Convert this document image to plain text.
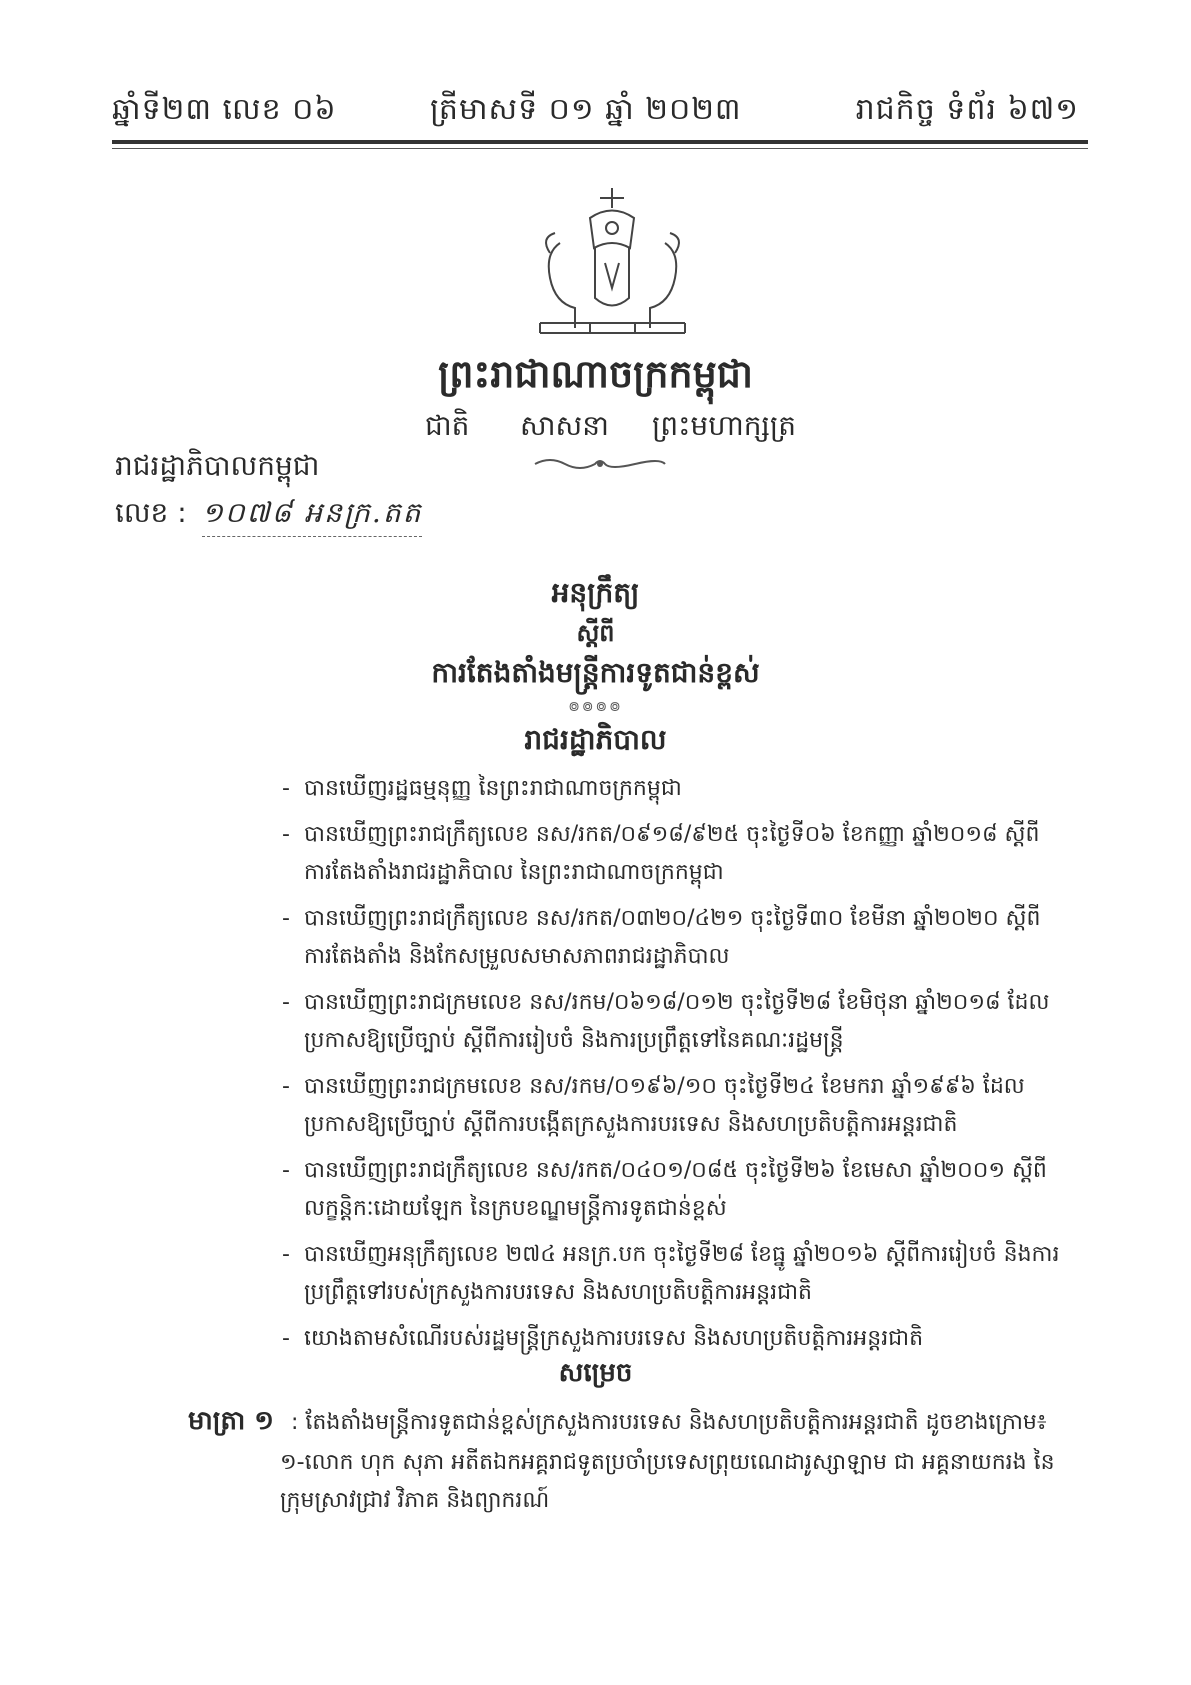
ឆ្នាំទី២៣ លេខ ០៦	ត្រីមាសទី ០១ ឆ្នាំ ២០២៣	រាជកិច្ច ទំព័រ ៦៧១
ព្រះរាជាណាចក្រកម្ពុជា
ជាតិ សាសនា ព្រះមហាក្សត្រ
រាជរដ្ឋាភិបាលកម្ពុជា
លេខ : ១០៧៨ អនក្រ.តត
អនុក្រឹត្យ
ស្ដីពី
ការតែងតាំងមន្ត្រីការទូតជាន់ខ្ពស់
៙៙៙៙
រាជរដ្ឋាភិបាល
- បានឃើញរដ្ឋធម្មនុញ្ញ នៃព្រះរាជាណាចក្រកម្ពុជា
- បានឃើញព្រះរាជក្រឹត្យលេខ នស/រកត/០៩១៨/៩២៥ ចុះថ្ងៃទី០៦ ខែកញ្ញា ឆ្នាំ២០១៨ ស្ដីពីការតែងតាំងរាជរដ្ឋាភិបាល នៃព្រះរាជាណាចក្រកម្ពុជា
- បានឃើញព្រះរាជក្រឹត្យលេខ នស/រកត/០៣២០/៤២១ ចុះថ្ងៃទី៣០ ខែមីនា ឆ្នាំ២០២០ ស្ដីពីការតែងតាំង និងកែសម្រួលសមាសភាពរាជរដ្ឋាភិបាល
- បានឃើញព្រះរាជក្រមលេខ នស/រកម/០៦១៨/០១២ ចុះថ្ងៃទី២៨ ខែមិថុនា ឆ្នាំ២០១៨ ដែលប្រកាសឱ្យប្រើច្បាប់ ស្ដីពីការរៀបចំ និងការប្រព្រឹត្តទៅនៃគណៈរដ្ឋមន្ត្រី
- បានឃើញព្រះរាជក្រមលេខ នស/រកម/០១៩៦/១០ ចុះថ្ងៃទី២៤ ខែមករា ឆ្នាំ១៩៩៦ ដែលប្រកាសឱ្យប្រើច្បាប់ ស្ដីពីការបង្កើតក្រសួងការបរទេស និងសហប្រតិបត្តិការអន្តរជាតិ
- បានឃើញព្រះរាជក្រឹត្យលេខ នស/រកត/០៤០១/០៨៥ ចុះថ្ងៃទី២៦ ខែមេសា ឆ្នាំ២០០១ ស្ដីពីលក្ខន្តិកៈដោយឡែក នៃក្របខណ្ឌមន្ត្រីការទូតជាន់ខ្ពស់
- បានឃើញអនុក្រឹត្យលេខ ២៧៤ អនក្រ.បក ចុះថ្ងៃទី២៨ ខែធ្នូ ឆ្នាំ២០១៦ ស្ដីពីការរៀបចំ និងការប្រព្រឹត្តទៅរបស់ក្រសួងការបរទេស និងសហប្រតិបត្តិការអន្តរជាតិ
- យោងតាមសំណើរបស់រដ្ឋមន្ត្រីក្រសួងការបរទេស និងសហប្រតិបត្តិការអន្តរជាតិ
សម្រេច
មាត្រា ១ : តែងតាំងមន្ត្រីការទូតជាន់ខ្ពស់ក្រសួងការបរទេស និងសហប្រតិបត្តិការអន្តរជាតិ ដូចខាងក្រោម៖
១-លោក ហុក សុភា អតីតឯកអគ្គរាជទូតប្រចាំប្រទេសព្រុយណេដារូស្សាឡាម ជា អគ្គនាយករង នៃក្រុមស្រាវជ្រាវ វិភាគ និងព្យាករណ៍
